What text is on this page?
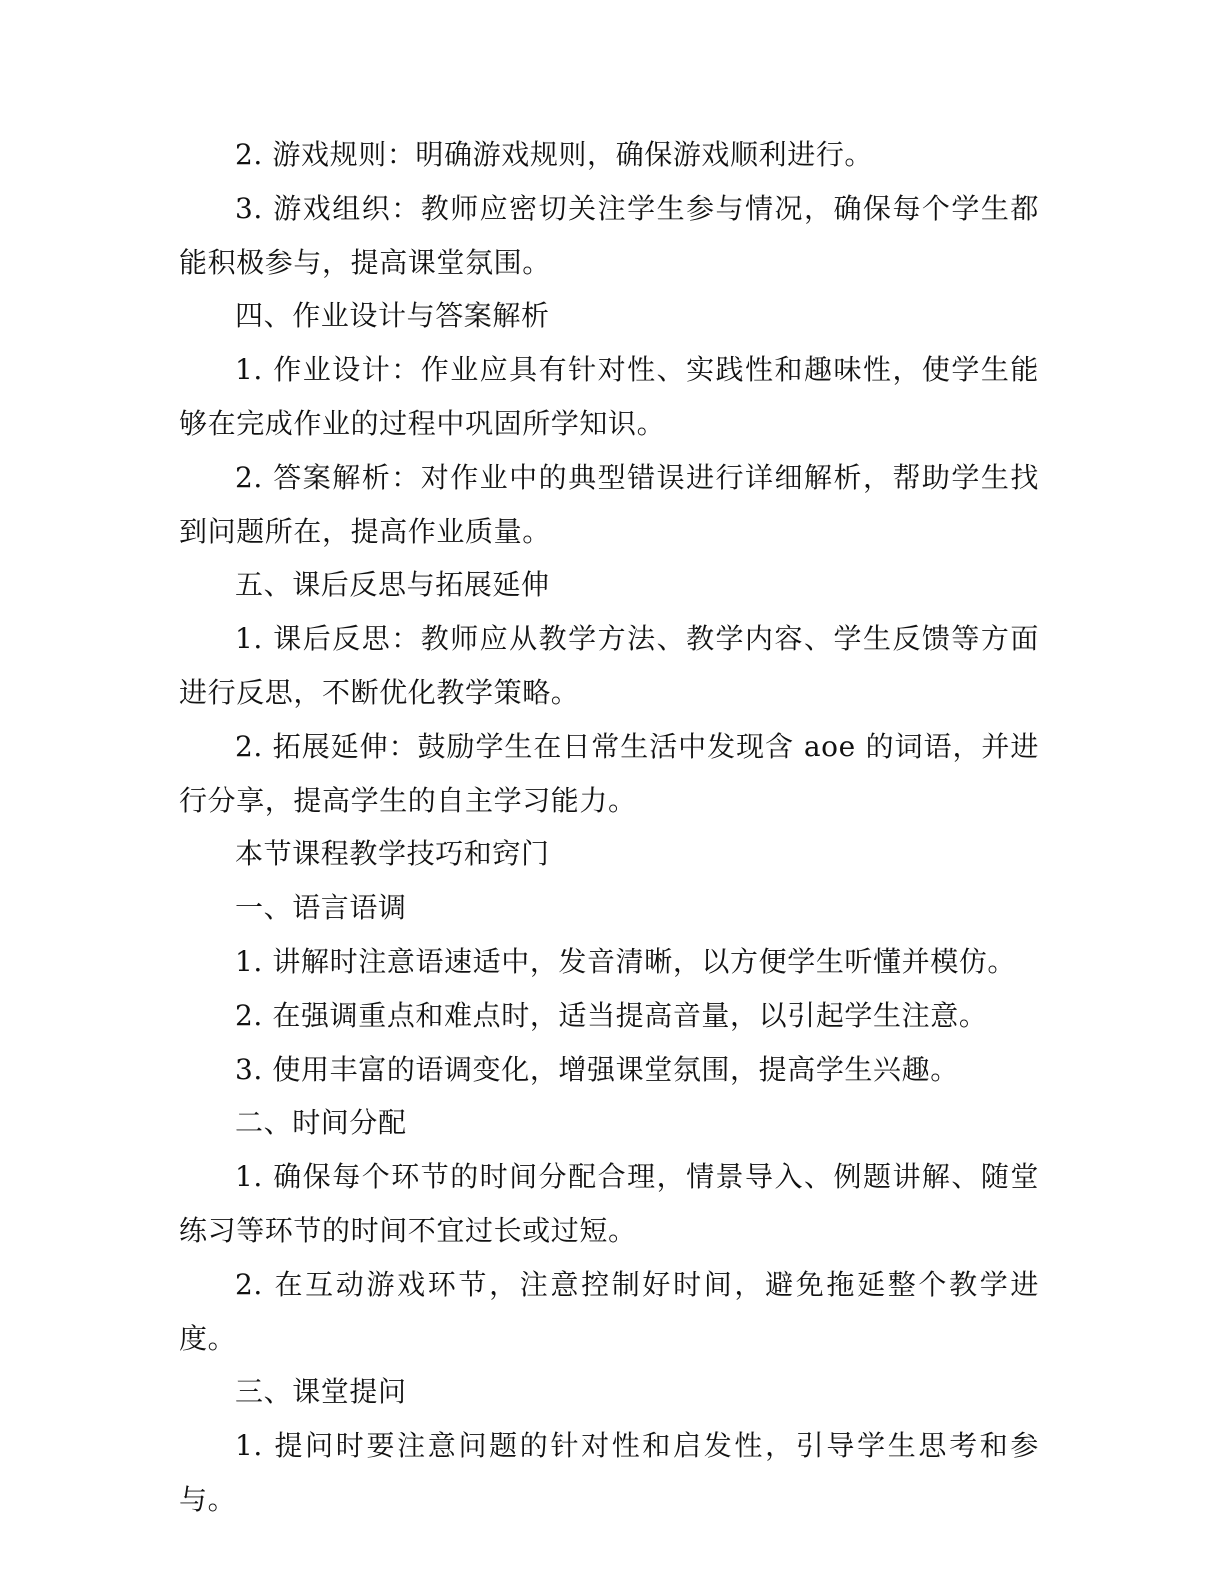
2. 游戏规则：明确游戏规则，确保游戏顺利进行。

3. 游戏组织：教师应密切关注学生参与情况，确保每个学生都能积极参与，提高课堂氛围。

四、作业设计与答案解析

1. 作业设计：作业应具有针对性、实践性和趣味性，使学生能够在完成作业的过程中巩固所学知识。

2. 答案解析：对作业中的典型错误进行详细解析，帮助学生找到问题所在，提高作业质量。

五、课后反思与拓展延伸

1. 课后反思：教师应从教学方法、教学内容、学生反馈等方面进行反思，不断优化教学策略。

2. 拓展延伸：鼓励学生在日常生活中发现含 aoe 的词语，并进行分享，提高学生的自主学习能力。

本节课程教学技巧和窍门

一、语言语调

1. 讲解时注意语速适中，发音清晰，以方便学生听懂并模仿。

2. 在强调重点和难点时，适当提高音量，以引起学生注意。

3. 使用丰富的语调变化，增强课堂氛围，提高学生兴趣。

二、时间分配

1. 确保每个环节的时间分配合理，情景导入、例题讲解、随堂练习等环节的时间不宜过长或过短。

2. 在互动游戏环节，注意控制好时间，避免拖延整个教学进度。

三、课堂提问

1. 提问时要注意问题的针对性和启发性，引导学生思考和参与。
